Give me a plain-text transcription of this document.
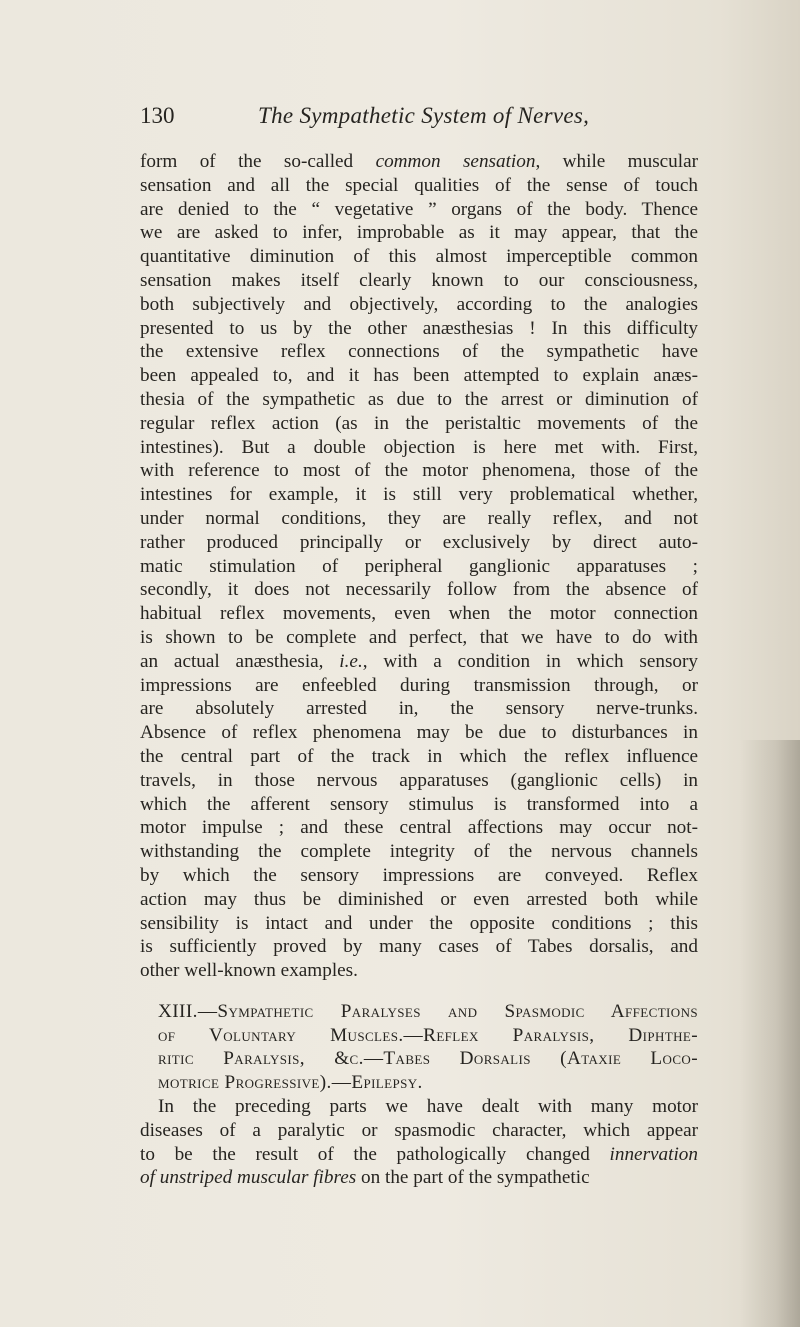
130	The Sympathetic System of Nerves,
form of the so-called common sensation, while muscular
sensation and all the special qualities of the sense of touch
are denied to the “ vegetative ” organs of the body. Thence
we are asked to infer, improbable as it may appear, that the
quantitative diminution of this almost imperceptible common
sensation makes itself clearly known to our consciousness,
both subjectively and objectively, according to the analogies
presented to us by the other anæsthesias ! In this difficulty
the extensive reflex connections of the sympathetic have
been appealed to, and it has been attempted to explain anæs-
thesia of the sympathetic as due to the arrest or diminution of
regular reflex action (as in the peristaltic movements of the
intestines). But a double objection is here met with. First,
with reference to most of the motor phenomena, those of the
intestines for example, it is still very problematical whether,
under normal conditions, they are really reflex, and not
rather produced principally or exclusively by direct auto-
matic stimulation of peripheral ganglionic apparatuses ;
secondly, it does not necessarily follow from the absence of
habitual reflex movements, even when the motor connection
is shown to be complete and perfect, that we have to do with
an actual anæsthesia, i.e., with a condition in which sensory
impressions are enfeebled during transmission through, or
are absolutely arrested in, the sensory nerve-trunks.
Absence of reflex phenomena may be due to disturbances in
the central part of the track in which the reflex influence
travels, in those nervous apparatuses (ganglionic cells) in
which the afferent sensory stimulus is transformed into a
motor impulse ; and these central affections may occur not-
withstanding the complete integrity of the nervous channels
by which the sensory impressions are conveyed. Reflex
action may thus be diminished or even arrested both while
sensibility is intact and under the opposite conditions ; this
is sufficiently proved by many cases of Tabes dorsalis, and
other well-known examples.
XIII.—Sympathetic Paralyses and Spasmodic Affections
of Voluntary Muscles.—Reflex Paralysis, Diphthe-
ritic Paralysis, &c.—Tabes Dorsalis (Ataxie Loco-
motrice Progressive).—Epilepsy.
In the preceding parts we have dealt with many motor
diseases of a paralytic or spasmodic character, which appear
to be the result of the pathologically changed innervation
of unstriped muscular fibres on the part of the sympathetic
